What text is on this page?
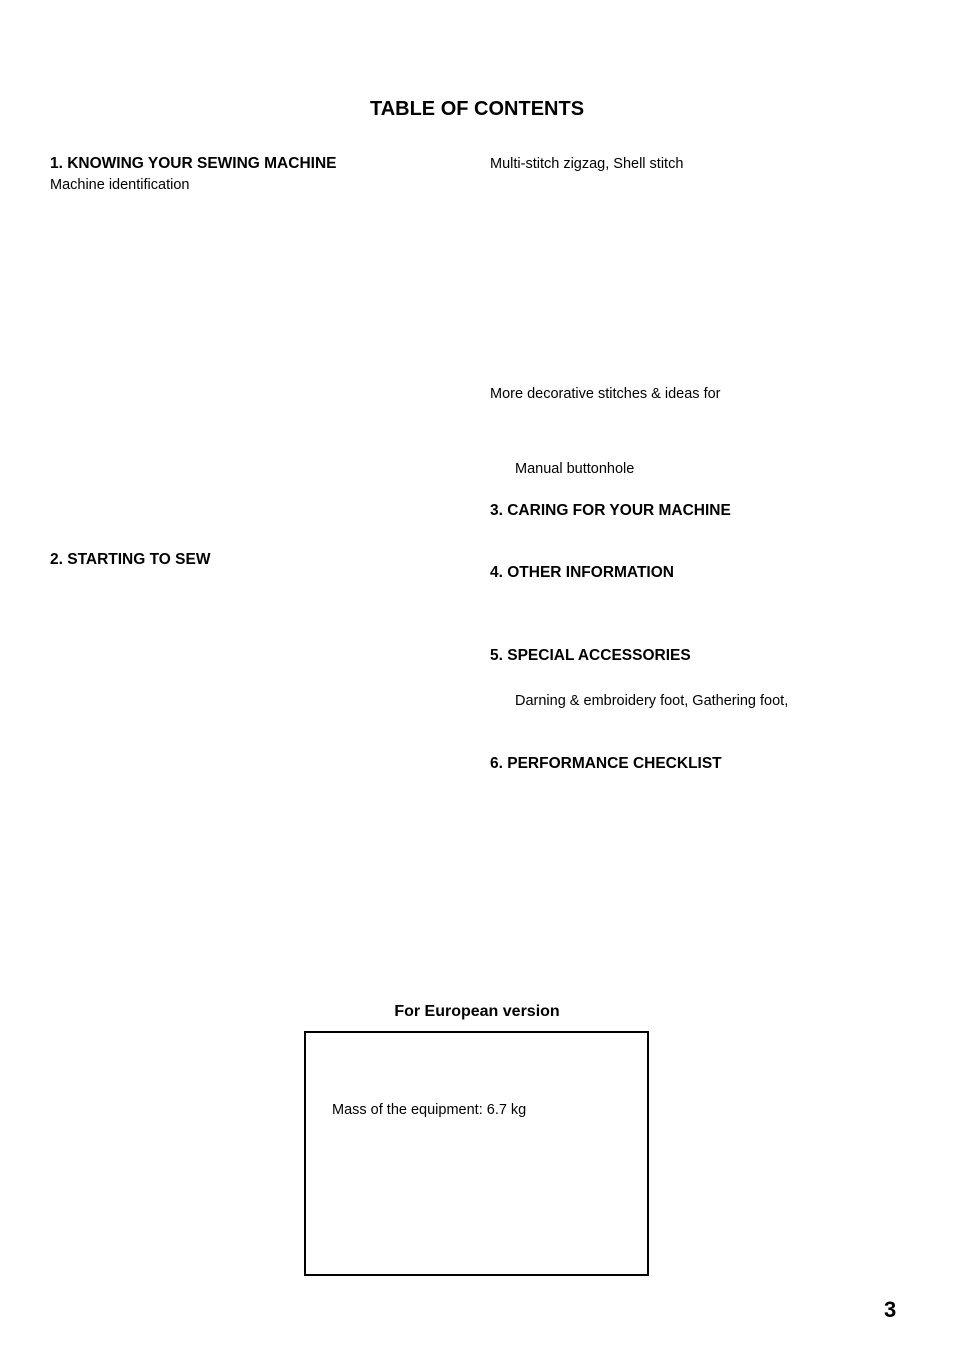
TABLE OF CONTENTS
1. KNOWING YOUR SEWING MACHINE
Machine identification
2. STARTING TO SEW
Multi-stitch zigzag, Shell stitch
More decorative stitches & ideas for
Manual buttonhole
3. CARING FOR YOUR MACHINE
4. OTHER INFORMATION
5. SPECIAL ACCESSORIES
Darning & embroidery foot, Gathering foot,
6. PERFORMANCE CHECKLIST
For European version
Mass of the equipment: 6.7 kg
3
